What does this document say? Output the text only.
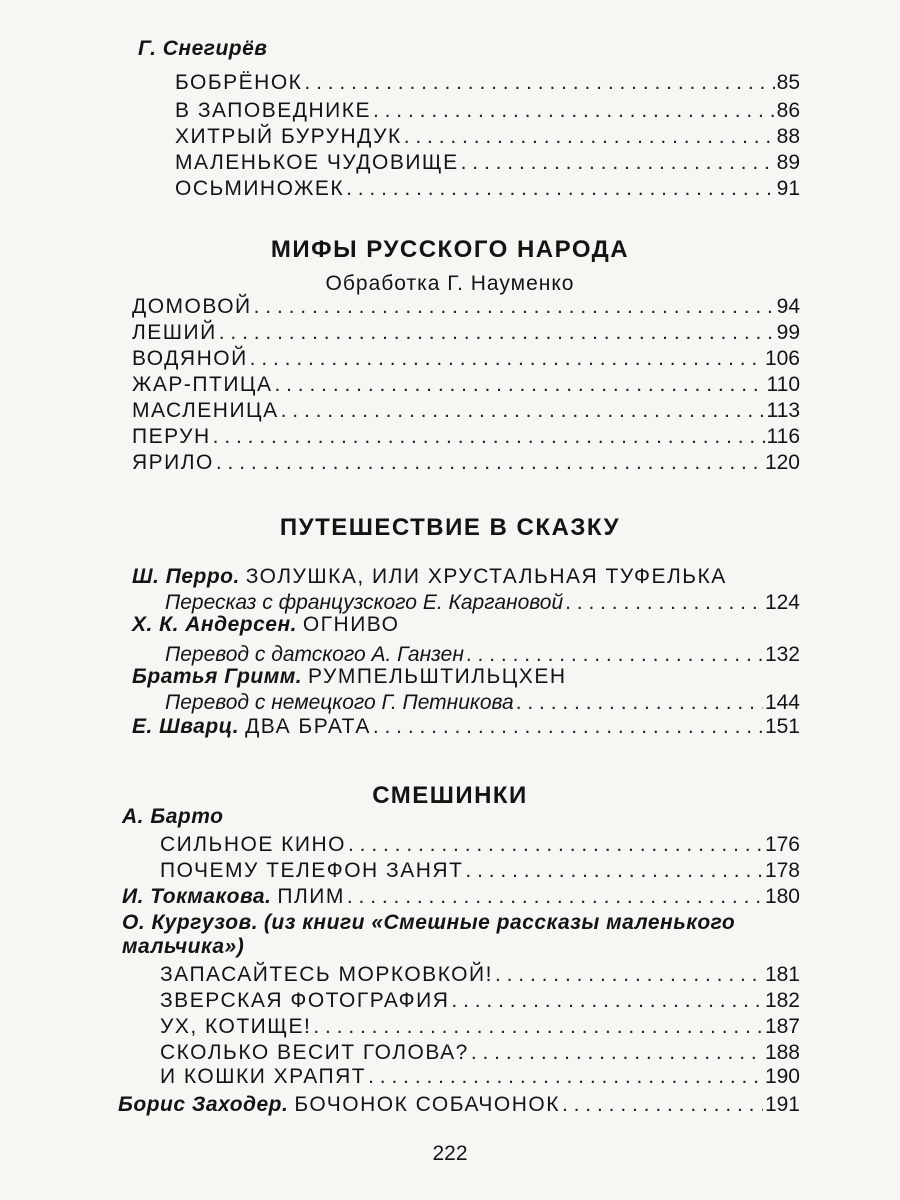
Г. Снегирёв
БОБРЁНОК . . .	85
В ЗАПОВЕДНИКЕ . . .	86
ХИТРЫЙ БУРУНДУК . . .	88
МАЛЕНЬКОЕ ЧУДОВИЩЕ . . .	89
ОСЬМИНОЖЕК . . .	91
МИФЫ РУССКОГО НАРОДА
Обработка Г. Науменко
ДОМОВОЙ . . .	94
ЛЕШИЙ . . .	99
ВОДЯНОЙ . . .	106
ЖАР-ПТИЦА . . .	110
МАСЛЕНИЦА . . .	113
ПЕРУН . . .	116
ЯРИЛО . . .	120
ПУТЕШЕСТВИЕ В СКАЗКУ
Ш. Перро. ЗОЛУШКА, ИЛИ ХРУСТАЛЬНАЯ ТУФЕЛЬКА
Пересказ с французского Е. Каргановой . . .	124
Х. К. Андерсен. ОГНИВО
Перевод с датского А. Ганзен . . .	132
Братья Гримм. РУМПЕЛЬШТИЛЬЦХЕН
Перевод с немецкого Г. Петникова . . .	144
Е. Шварц. ДВА БРАТА . . .	151
СМЕШИНКИ
А. Барто
СИЛЬНОЕ КИНО . . .	176
ПОЧЕМУ ТЕЛЕФОН ЗАНЯТ . . .	178
И. Токмакова. ПЛИМ . . .	180
О. Кургузов. (из книги «Смешные рассказы маленького
мальчика»)
ЗАПАСАЙТЕСЬ МОРКОВКОЙ! . . .	181
ЗВЕРСКАЯ ФОТОГРАФИЯ . . .	182
УХ, КОТИЩЕ! . . .	187
СКОЛЬКО ВЕСИТ ГОЛОВА? . . .	188
И КОШКИ ХРАПЯТ . . .	190
Борис Заходер. БОЧОНОК СОБАЧОНОК . . .	191
222
